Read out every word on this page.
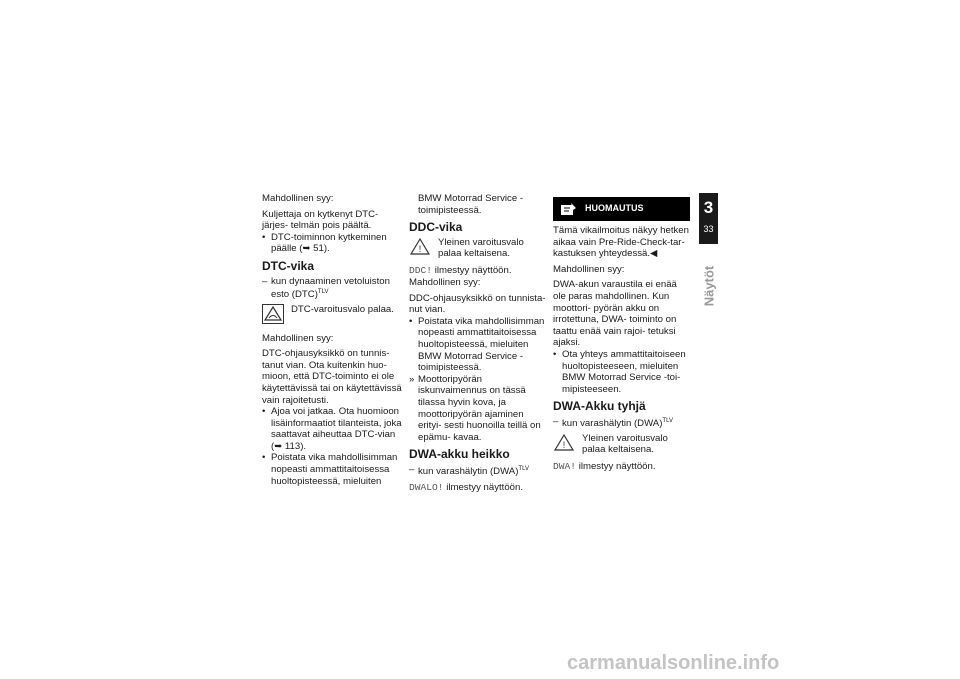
Mahdollinen syy:

Kuljettaja on kytkenyt DTC-järjes- telmän pois päältä.

• DTC-toiminnon kytkeminen päälle (➥ 51).
DTC-vika
– kun dynaaminen vetoluiston esto (DTC)$^{TLV}$
DTC-varoitusvalo palaa.

Mahdollinen syy:

DTC-ohjausyksikkö on tunnis- tanut vian. Ota kuitenkin huo- mioon, että DTC-toiminto ei ole käytettävissä tai on käytettävissä vain rajoitetusti.

• Ajoa voi jatkaa. Ota huomioon lisäinformaatiot tilanteista, joka saattavat aiheuttaa DTC-vian (➥ 113).
• Poistata vika mahdollisimman nopeasti ammattitaitoisessa huoltopisteessä, mieluiten

BMW Motorrad Service - toimipisteessä.

DDC-vika
!
Yleinen varoitusvalo palaa keltaisena.

DDC! ilmestyy näyttöön.

Mahdollinen syy:

DDC-ohjausyksikkö on tunnista- nut vian.

• Poistata vika mahdollisimman nopeasti ammattitaitoisessa huoltopisteessä, mieluiten BMW Motorrad Service - toimipisteessä.
» Moottoripyörän iskunvaimennus on tässä tilassa hyvin kova, ja moottoripyörän ajaminen erityi- sesti huonoilla teillä on epämu- kavaa.
DWA-akku heikko
– kun varashälytin (DWA)$^{TLV}$

DWALO! ilmestyy näyttöön.

HUOMAUTUS

Tämä vikailmoitus näkyy hetken aikaa vain Pre-Ride-Check-tar- kastuksen yhteydessä.◀

Mahdollinen syy:

DWA-akun varaustila ei enää ole paras mahdollinen. Kun moottori- pyörän akku on irrotettuna, DWA- toiminto on taattu enää vain rajoi- tetuksi ajaksi.

• Ota yhteys ammattitaitoiseen huoltopisteeseen, mieluiten BMW Motorrad Service -toi- mipisteeseen.
DWA-Akku tyhjä
– kun varashälytin (DWA)$^{TLV}$
!
Yleinen varoitusvalo palaa keltaisena.

DWA! ilmestyy näyttöön.

3
33
Näytöt
carmanualsonline.info
